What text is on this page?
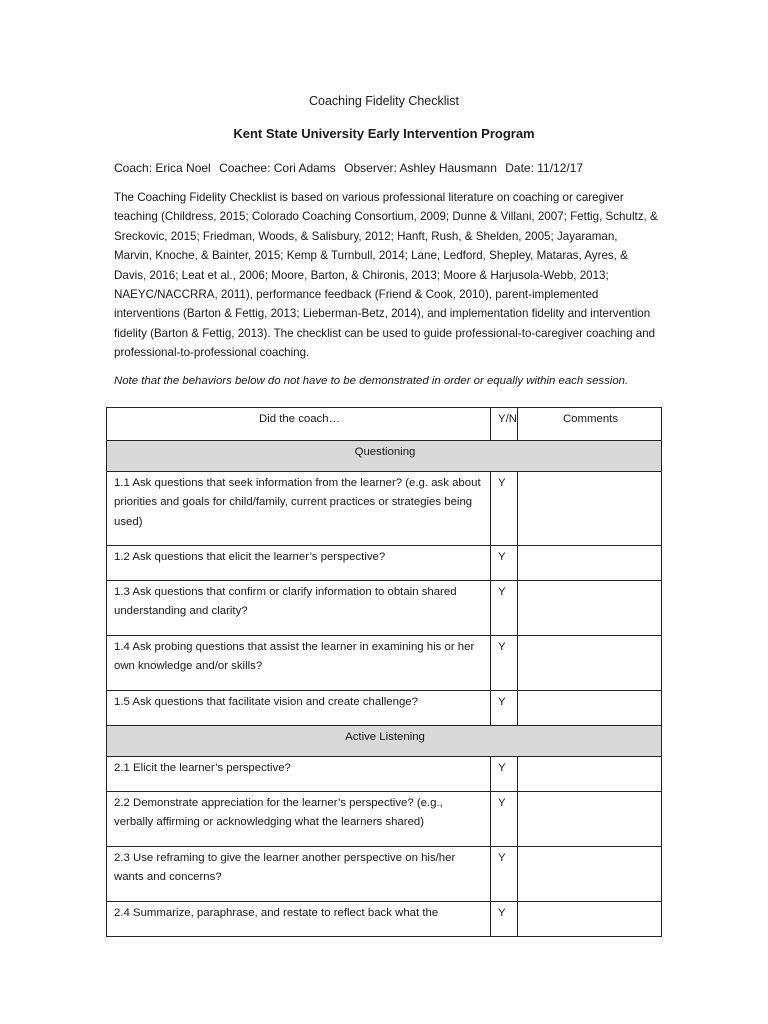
Coaching Fidelity Checklist
Kent State University Early Intervention Program
Coach: Erica Noel Coachee: Cori Adams Observer: Ashley Hausmann Date: 11/12/17
The Coaching Fidelity Checklist is based on various professional literature on coaching or caregiver teaching (Childress, 2015; Colorado Coaching Consortium, 2009; Dunne & Villani, 2007; Fettig, Schultz, & Sreckovic, 2015; Friedman, Woods, & Salisbury, 2012; Hanft, Rush, & Shelden, 2005; Jayaraman, Marvin, Knoche, & Bainter, 2015; Kemp & Turnbull, 2014; Lane, Ledford, Shepley, Mataras, Ayres, & Davis, 2016; Leat et al., 2006; Moore, Barton, & Chironis, 2013; Moore & Harjusola-Webb, 2013; NAEYC/NACCRRA, 2011), performance feedback (Friend & Cook, 2010), parent-implemented interventions (Barton & Fettig, 2013; Lieberman-Betz, 2014), and implementation fidelity and intervention fidelity (Barton & Fettig, 2013). The checklist can be used to guide professional-to-caregiver coaching and professional-to-professional coaching.
Note that the behaviors below do not have to be demonstrated in order or equally within each session.
Did the coach…	Y/N	Comments
Questioning		
1.1 Ask questions that seek information from the learner? (e.g. ask about priorities and goals for child/family, current practices or strategies being used)	Y	
1.2 Ask questions that elicit the learner’s perspective?	Y	
1.3 Ask questions that confirm or clarify information to obtain shared understanding and clarity?	Y	
1.4 Ask probing questions that assist the learner in examining his or her own knowledge and/or skills?	Y	
1.5 Ask questions that facilitate vision and create challenge?	Y	
Active Listening		
2.1 Elicit the learner’s perspective?	Y	
2.2 Demonstrate appreciation for the learner’s perspective? (e.g., verbally affirming or acknowledging what the learners shared)	Y	
2.3 Use reframing to give the learner another perspective on his/her wants and concerns?	Y	
2.4 Summarize, paraphrase, and restate to reflect back what the	Y	
